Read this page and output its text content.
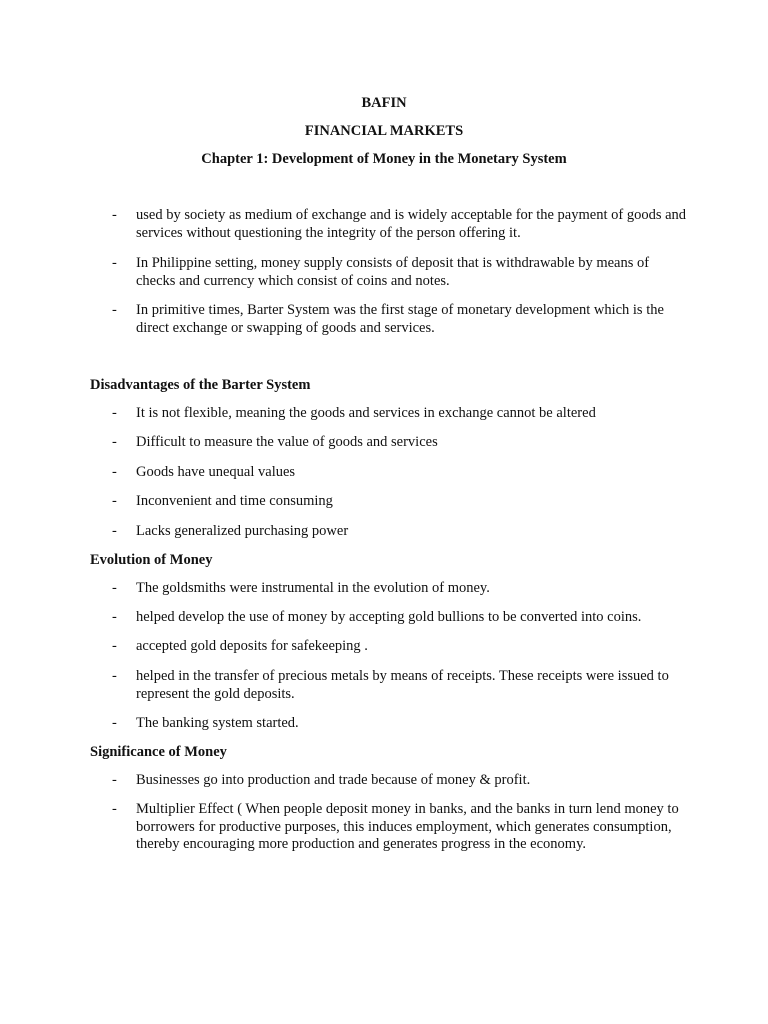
BAFIN
FINANCIAL MARKETS
Chapter 1: Development of Money in the Monetary System
- used by society as medium of exchange and is widely acceptable for the payment of goods and services without questioning the integrity of the person offering it.
- In Philippine setting, money supply consists of deposit that is withdrawable by means of checks and currency which consist of coins and notes.
- In primitive times, Barter System was the first stage of monetary development which is the direct exchange or swapping of goods and services.
Disadvantages of the Barter System
- It is not flexible, meaning the goods and services in exchange cannot be altered
- Difficult to measure the value of goods and services
- Goods have unequal values
- Inconvenient and time consuming
- Lacks generalized purchasing power
Evolution of Money
- The goldsmiths were instrumental in the evolution of money.
- helped develop the use of money by accepting gold bullions to be converted into coins.
- accepted gold deposits for safekeeping .
- helped in the transfer of precious metals by means of receipts. These receipts were issued to represent the gold deposits.
- The banking system started.
Significance of Money
- Businesses go into production and trade because of money & profit.
- Multiplier Effect ( When people deposit money in banks, and the banks in turn lend money to borrowers for productive purposes, this induces employment, which generates consumption, thereby encouraging more production and generates progress in the economy.
